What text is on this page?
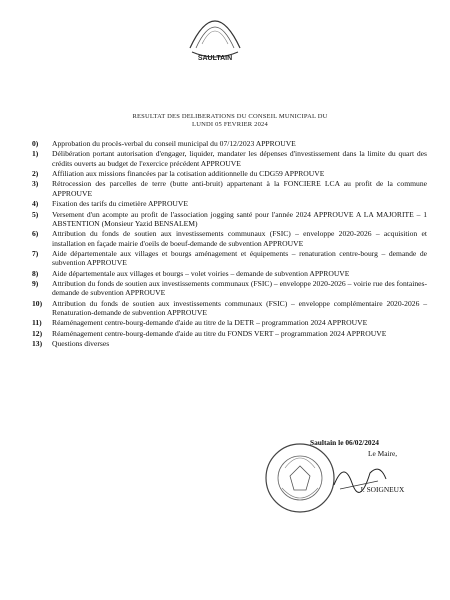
SAULTAIN
RESULTAT DES DELIBERATIONS DU CONSEIL MUNICIPAL DU
LUNDI 05 FEVRIER 2024
0)	Approbation du procès-verbal du conseil municipal du 07/12/2023 APPROUVE
1)	Délibération portant autorisation d'engager, liquider, mandater les dépenses d'investissement dans la limite du quart des crédits ouverts au budget de l'exercice précédent APPROUVE
2)	Affiliation aux missions financées par la cotisation additionnelle du CDG59 APPROUVE
3)	Rétrocession des parcelles de terre (butte anti-bruit) appartenant à la FONCIERE LCA au profit de la commune APPROUVE
4)	Fixation des tarifs du cimetière APPROUVE
5)	Versement d'un acompte au profit de l'association jogging santé pour l'année 2024 APPROUVE A LA MAJORITE – 1 ABSTENTION (Monsieur Yazid BENSALEM)
6)	Attribution du fonds de soutien aux investissements communaux (FSIC) – enveloppe 2020-2026 – acquisition et installation en façade mairie d'oeils de boeuf-demande de subvention APPROUVE
7)	Aide départementale aux villages et bourgs aménagement et équipements – renaturation centre-bourg – demande de subvention APPROUVE
8)	Aide départementale aux villages et bourgs – volet voiries – demande de subvention APPROUVE
9)	Attribution du fonds de soutien aux investissements communaux (FSIC) – enveloppe 2020-2026 – voirie rue des fontaines-demande de subvention APPROUVE
10)	Attribution du fonds de soutien aux investissements communaux (FSIC) – enveloppe complémentaire 2020-2026 – Renaturation-demande de subvention APPROUVE
11)	Réaménagement centre-bourg-demande d'aide au titre de la DETR – programmation 2024 APPROUVE
12)	Réaménagement centre-bourg-demande d'aide au titre du FONDS VERT – programmation 2024 APPROUVE
13)	Questions diverses
Saultain le 06/02/2024
Le Maire,
J. SOIGNEUX
